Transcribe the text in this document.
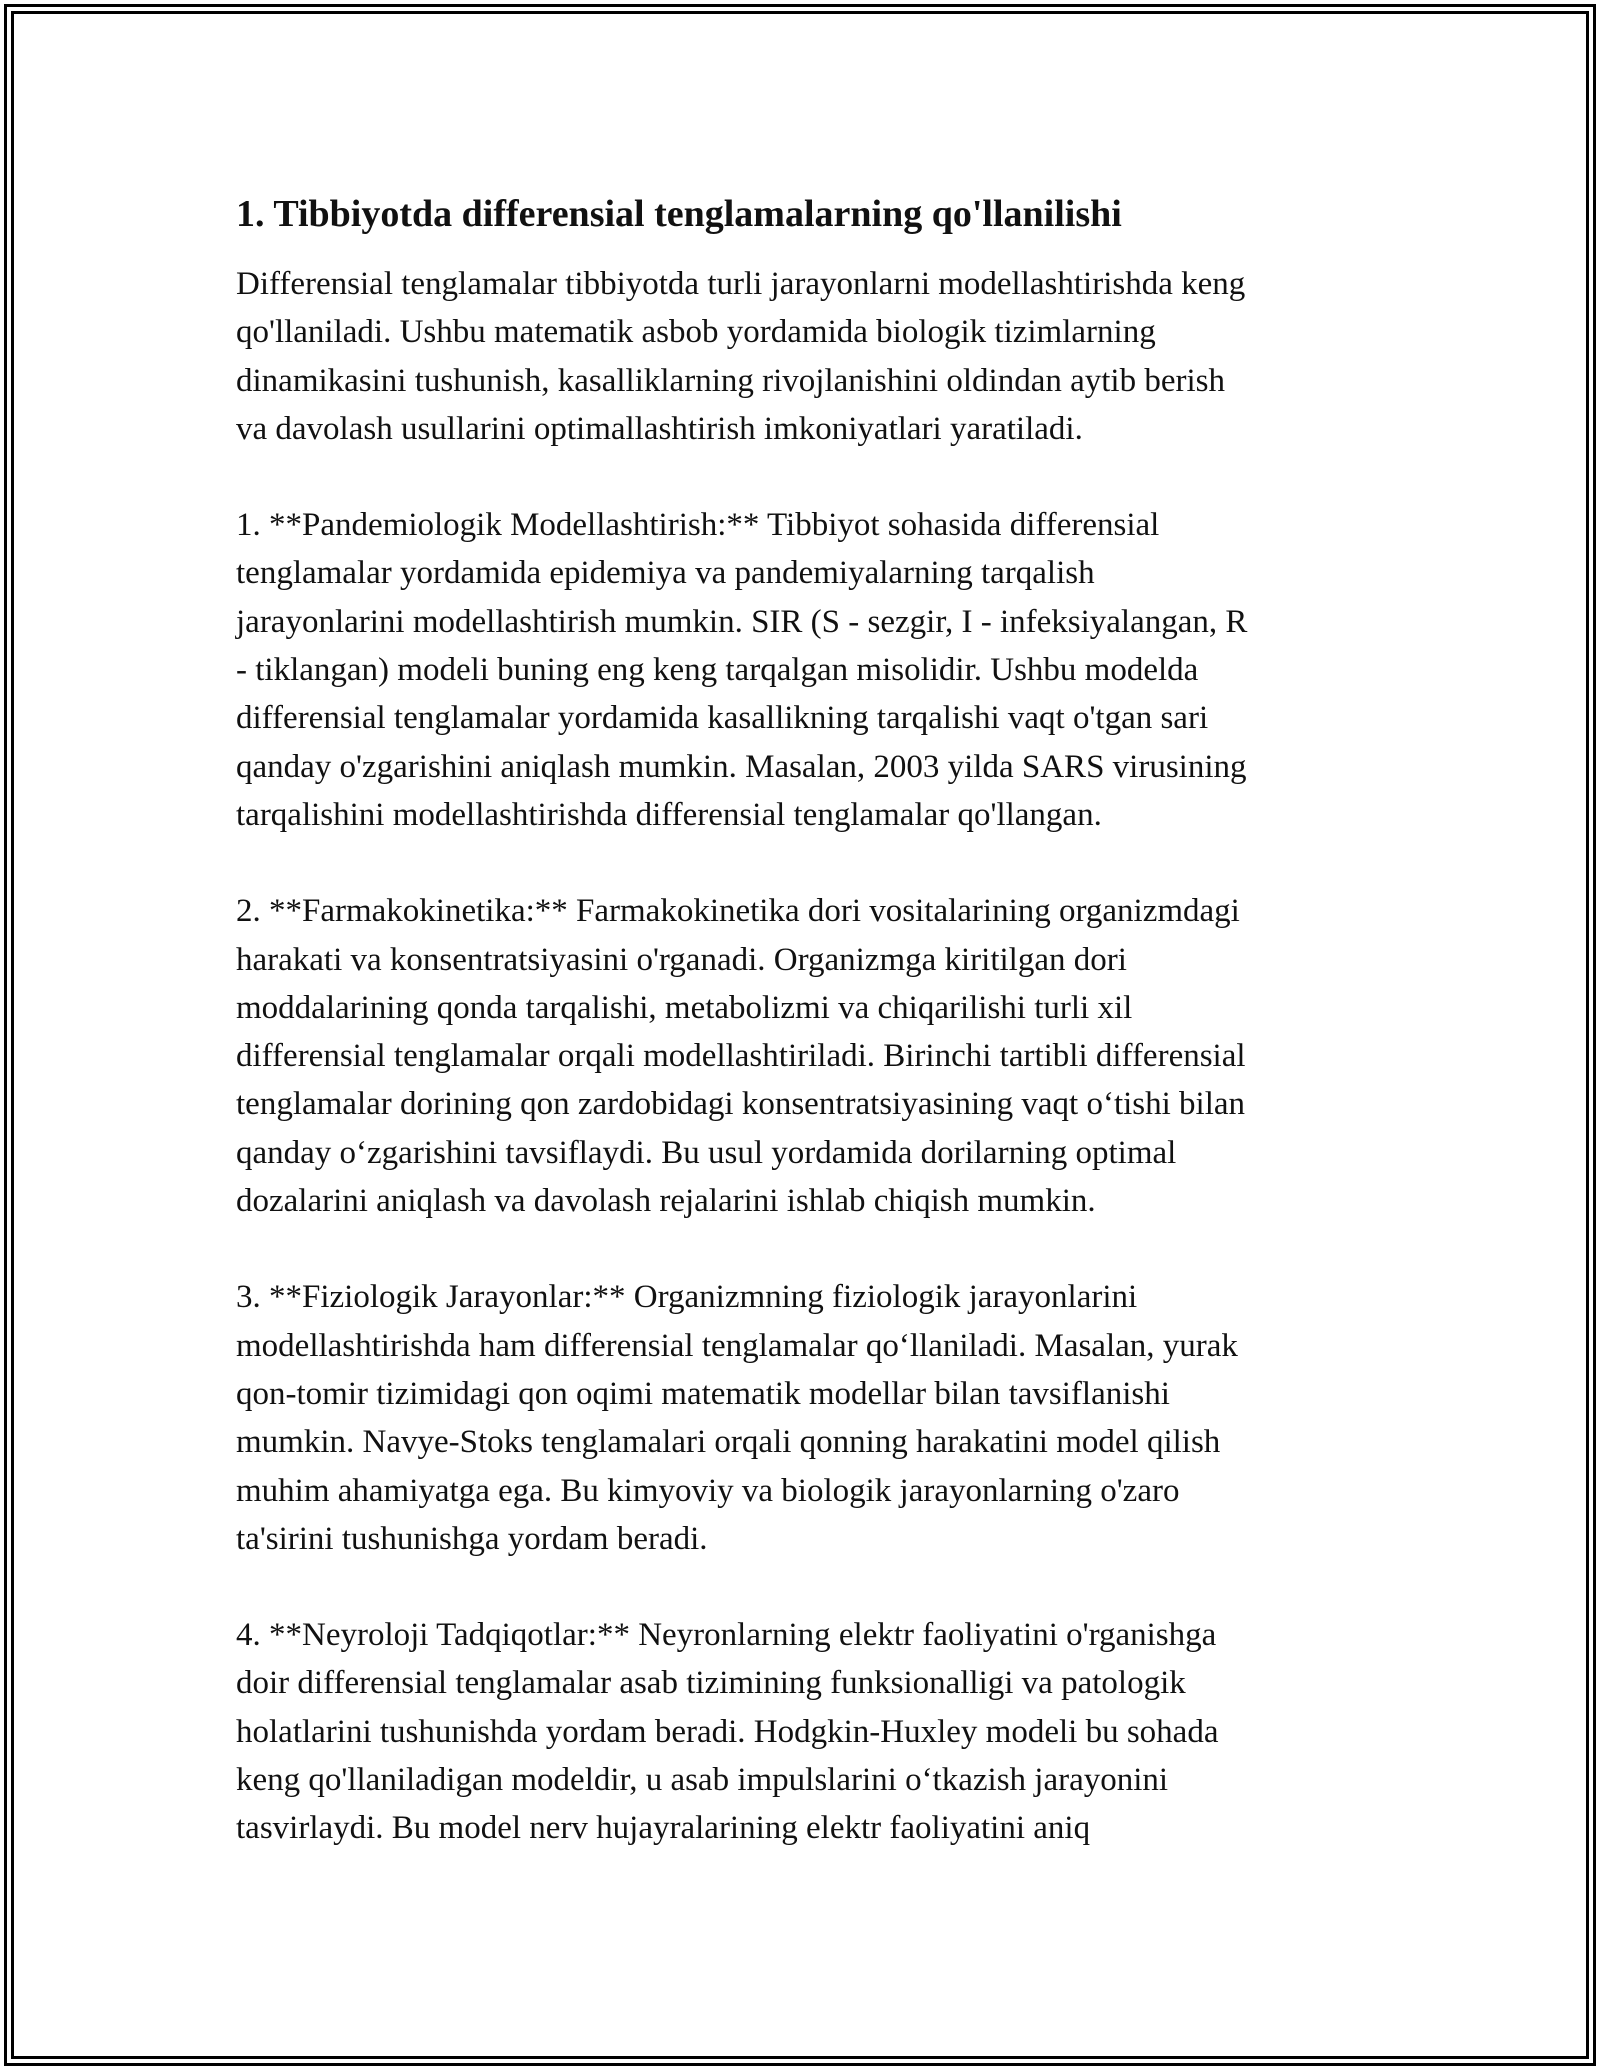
1. Tibbiyotda differensial tenglamalarning qo'llanilishi

Differensial tenglamalar tibbiyotda turli jarayonlarni modellashtirishda keng
qo'llaniladi. Ushbu matematik asbob yordamida biologik tizimlarning
dinamikasini tushunish, kasalliklarning rivojlanishini oldindan aytib berish
va davolash usullarini optimallashtirish imkoniyatlari yaratiladi.

1. **Pandemiologik Modellashtirish:** Tibbiyot sohasida differensial
tenglamalar yordamida epidemiya va pandemiyalarning tarqalish
jarayonlarini modellashtirish mumkin. SIR (S - sezgir, I - infeksiyalangan, R
- tiklangan) modeli buning eng keng tarqalgan misolidir. Ushbu modelda
differensial tenglamalar yordamida kasallikning tarqalishi vaqt o'tgan sari
qanday o'zgarishini aniqlash mumkin. Masalan, 2003 yilda SARS virusining
tarqalishini modellashtirishda differensial tenglamalar qo'llangan.

2. **Farmakokinetika:** Farmakokinetika dori vositalarining organizmdagi
harakati va konsentratsiyasini o'rganadi. Organizmga kiritilgan dori
moddalarining qonda tarqalishi, metabolizmi va chiqarilishi turli xil
differensial tenglamalar orqali modellashtiriladi. Birinchi tartibli differensial
tenglamalar dorining qon zardobidagi konsentratsiyasining vaqt o‘tishi bilan
qanday o‘zgarishini tavsiflaydi. Bu usul yordamida dorilarning optimal
dozalarini aniqlash va davolash rejalarini ishlab chiqish mumkin.

3. **Fiziologik Jarayonlar:** Organizmning fiziologik jarayonlarini
modellashtirishda ham differensial tenglamalar qo‘llaniladi. Masalan, yurak
qon-tomir tizimidagi qon oqimi matematik modellar bilan tavsiflanishi
mumkin. Navye-Stoks tenglamalari orqali qonning harakatini model qilish
muhim ahamiyatga ega. Bu kimyoviy va biologik jarayonlarning o'zaro
ta'sirini tushunishga yordam beradi.

4. **Neyroloji Tadqiqotlar:** Neyronlarning elektr faoliyatini o'rganishga
doir differensial tenglamalar asab tizimining funksionalligi va patologik
holatlarini tushunishda yordam beradi. Hodgkin-Huxley modeli bu sohada
keng qo'llaniladigan modeldir, u asab impulslarini o‘tkazish jarayonini
tasvirlaydi. Bu model nerv hujayralarining elektr faoliyatini aniq
